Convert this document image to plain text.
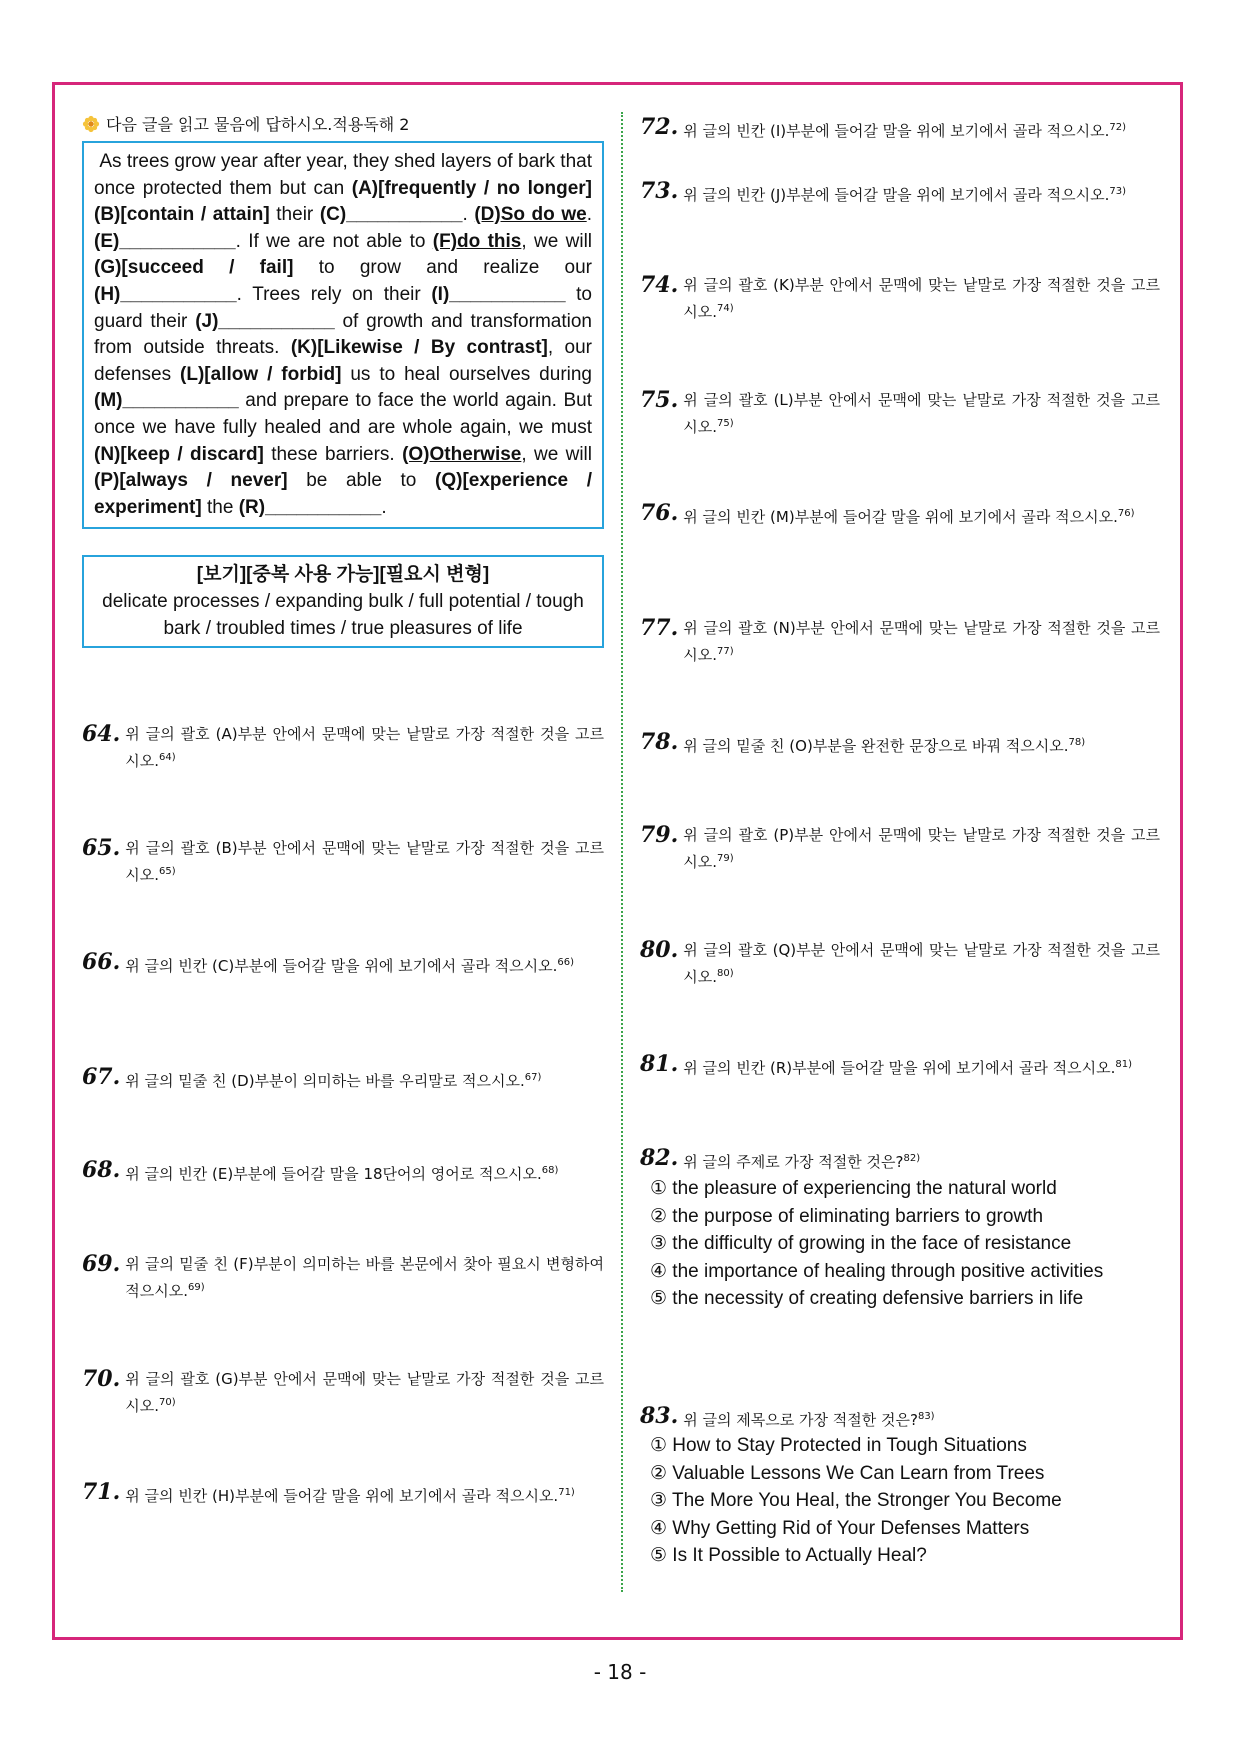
다음 글을 읽고 물음에 답하시오.적용독해 2
As trees grow year after year, they shed layers of bark that once protected them but can (A)[frequently / no longer] (B)[contain / attain] their (C)___________. (D)So do we. (E)___________. If we are not able to (F)do this, we will (G)[succeed / fail] to grow and realize our (H)___________. Trees rely on their (I)___________ to guard their (J)___________ of growth and transformation from outside threats. (K)[Likewise / By contrast], our defenses (L)[allow / forbid] us to heal ourselves during (M)___________ and prepare to face the world again. But once we have fully healed and are whole again, we must (N)[keep / discard] these barriers. (O)Otherwise, we will (P)[always / never] be able to (Q)[experience / experiment] the (R)___________.
[보기][중복 사용 가능][필요시 변형]
delicate processes / expanding bulk / full potential / tough bark / troubled times / true pleasures of life
64. 위 글의 괄호 (A)부분 안에서 문맥에 맞는 낱말로 가장 적절한 것을 고르시오.$^{64)}$
65. 위 글의 괄호 (B)부분 안에서 문맥에 맞는 낱말로 가장 적절한 것을 고르시오.$^{65)}$
66. 위 글의 빈칸 (C)부분에 들어갈 말을 위에 보기에서 골라 적으시오.$^{66)}$
67. 위 글의 밑줄 친 (D)부분이 의미하는 바를 우리말로 적으시오.$^{67)}$
68. 위 글의 빈칸 (E)부분에 들어갈 말을 18단어의 영어로 적으시오.$^{68)}$
69. 위 글의 밑줄 친 (F)부분이 의미하는 바를 본문에서 찾아 필요시 변형하여 적으시오.$^{69)}$
70. 위 글의 괄호 (G)부분 안에서 문맥에 맞는 낱말로 가장 적절한 것을 고르시오.$^{70)}$
71. 위 글의 빈칸 (H)부분에 들어갈 말을 위에 보기에서 골라 적으시오.$^{71)}$
72. 위 글의 빈칸 (I)부분에 들어갈 말을 위에 보기에서 골라 적으시오.$^{72)}$
73. 위 글의 빈칸 (J)부분에 들어갈 말을 위에 보기에서 골라 적으시오.$^{73)}$
74. 위 글의 괄호 (K)부분 안에서 문맥에 맞는 낱말로 가장 적절한 것을 고르시오.$^{74)}$
75. 위 글의 괄호 (L)부분 안에서 문맥에 맞는 낱말로 가장 적절한 것을 고르시오.$^{75)}$
76. 위 글의 빈칸 (M)부분에 들어갈 말을 위에 보기에서 골라 적으시오.$^{76)}$
77. 위 글의 괄호 (N)부분 안에서 문맥에 맞는 낱말로 가장 적절한 것을 고르시오.$^{77)}$
78. 위 글의 밑줄 친 (O)부분을 완전한 문장으로 바꿔 적으시오.$^{78)}$
79. 위 글의 괄호 (P)부분 안에서 문맥에 맞는 낱말로 가장 적절한 것을 고르시오.$^{79)}$
80. 위 글의 괄호 (Q)부분 안에서 문맥에 맞는 낱말로 가장 적절한 것을 고르시오.$^{80)}$
81. 위 글의 빈칸 (R)부분에 들어갈 말을 위에 보기에서 골라 적으시오.$^{81)}$
82. 위 글의 주제로 가장 적절한 것은?$^{82)}$
① the pleasure of experiencing the natural world
② the purpose of eliminating barriers to growth
③ the difficulty of growing in the face of resistance
④ the importance of healing through positive activities
⑤ the necessity of creating defensive barriers in life
83. 위 글의 제목으로 가장 적절한 것은?$^{83)}$
① How to Stay Protected in Tough Situations
② Valuable Lessons We Can Learn from Trees
③ The More You Heal, the Stronger You Become
④ Why Getting Rid of Your Defenses Matters
⑤ Is It Possible to Actually Heal?
- 18 -
